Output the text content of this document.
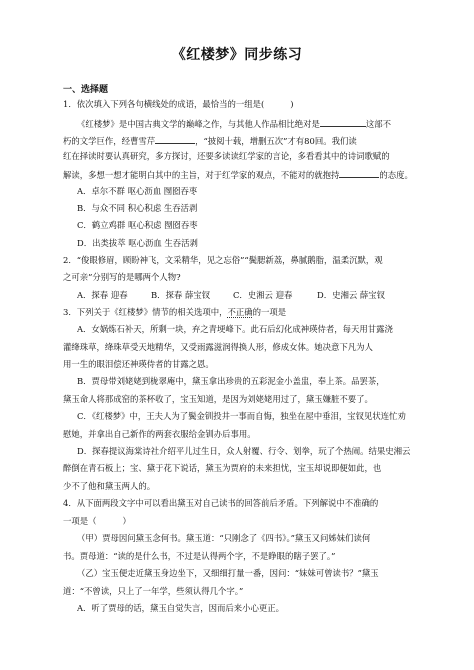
《红楼梦》同步练习
一、选择题
1．依次填入下列各句横线处的成语，最恰当的一组是(	)
《红楼梦》是中国古典文学的巅峰之作，与其他人作品相比绝对是	这部不
朽的文学巨作，经曹雪芹	，“披阅十载，增删五次”才有80回。我们读
红在择读时要认真研究，多方探讨，还要多读读红学家的言论，多看看其中的诗词歌赋的
解读，多想一想才能明白其中的主旨，对于红学家的观点，不能对的就抱持	的态度。
A．卓尔不群 呕心沥血 囫囵吞枣
B．与众不同 积心积虑 生吞活剥
C．鹤立鸡群 呕心积虑 囫囵吞枣
D．出类拔萃 呕心沥血 生吞活剥
2．“俊眼修眉，顾盼神飞，文采精华，见之忘俗”“鬓腮新荔，鼻腻鹅脂，温柔沉默，观
之可亲”分别写的是哪两个人物?
A．探春 迎春	B．探春 薛宝钗	C．史湘云 迎春	D．史湘云 薛宝钗
3．下列关于《红楼梦》情节的相关选项中，不正确的一项是
A．女娲炼石补天，所剩一块，弃之青埂峰下。此石后幻化成神瑛侍者，每天用甘露浇
灌绛珠草，绛珠草受天地精华，又受雨露滋润得换人形，修成女体。她决意下凡为人
用一生的眼泪偿还神瑛侍者的甘露之恩。
B．贾母带刘姥姥到栊翠庵中，黛玉拿出珍贵的五彩泥金小盖盅，奉上茶。品罢茶，
黛玉命人将那成窑的茶杯收了，宝玉知道，是因为刘姥姥用过了，黛玉嫌脏不要了。
C．《红楼梦》中，王夫人为了鬓金钏投井一事而自悔，独坐在屋中垂泪，宝钗见状连忙劝
慰她，并拿出自己新作的两套衣服给金钏办后事用。
D．探春提议海棠诗社介绍平儿过生日，众人射覆、行令、划拳，玩了个热闹。结果史湘云
醉倒在青石板上；宝、黛于花下说话，黛玉为贾府的未来担忧，宝玉却说即便如此，也
少不了他和黛玉两人的。
4．从下面两段文字中可以看出黛玉对自己读书的回答前后矛盾。下列解说中不准确的
一项是（	）
（甲）贾母因问黛玉念何书。黛玉道：“只刚念了《四书》。”黛玉又问姊妹们读何
书。贾母道：“读的是什么书，不过是认得两个字，不是睁眼的瞎子罢了。”
（乙）宝玉便走近黛玉身边坐下，又细细打量一番，因问：“妹妹可曾读书？”黛玉
道：“不曾读，只上了一年学，些须认得几个字。”
A．听了贾母的话，黛玉自觉失言，因而后来小心更正。
